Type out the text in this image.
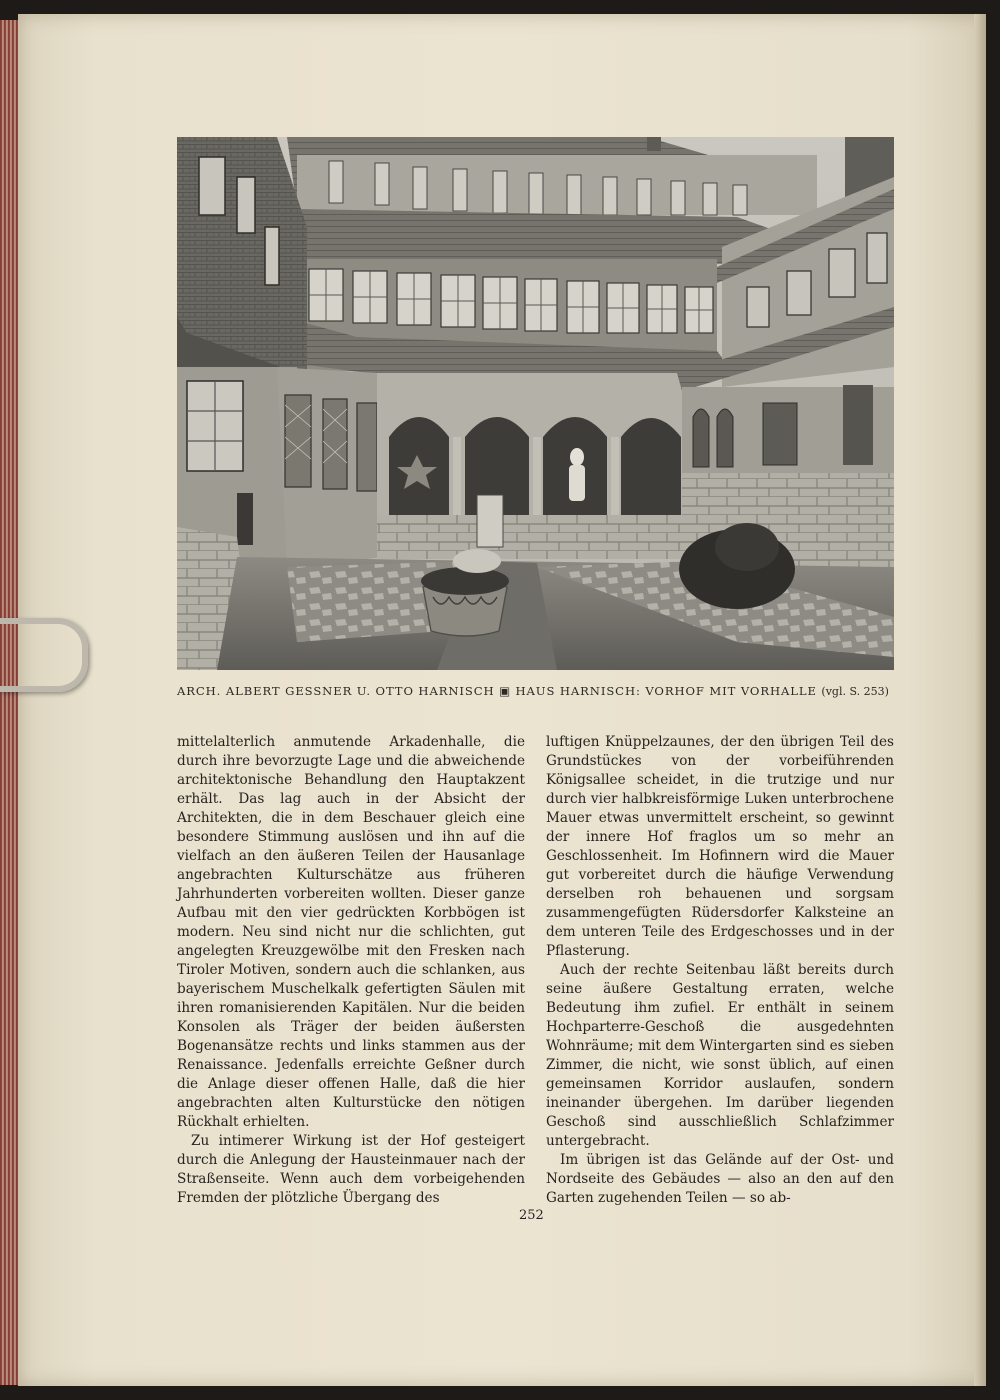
ARCH. ALBERT GESSNER U. OTTO HARNISCH ▣ HAUS HARNISCH: VORHOF MIT VORHALLE (vgl. S. 253)

mittelalterlich anmutende Arkadenhalle, die durch ihre bevorzugte Lage und die abweichende architektonische Behandlung den Hauptakzent erhält. Das lag auch in der Absicht der Architekten, die in dem Beschauer gleich eine besondere Stimmung auslösen und ihn auf die vielfach an den äußeren Teilen der Hausanlage angebrachten Kulturschätze aus früheren Jahrhunderten vorbereiten wollten. Dieser ganze Aufbau mit den vier gedrückten Korbbögen ist modern. Neu sind nicht nur die schlichten, gut angelegten Kreuzgewölbe mit den Fresken nach Tiroler Motiven, sondern auch die schlanken, aus bayerischem Muschelkalk gefertigten Säulen mit ihren romanisierenden Kapitälen. Nur die beiden Konsolen als Träger der beiden äußersten Bogenansätze rechts und links stammen aus der Renaissance. Jedenfalls erreichte Geßner durch die Anlage dieser offenen Halle, daß die hier angebrachten alten Kulturstücke den nötigen Rückhalt erhielten.

Zu intimerer Wirkung ist der Hof gesteigert durch die Anlegung der Hausteinmauer nach der Straßenseite. Wenn auch dem vorbeigehenden Fremden der plötzliche Übergang des

luftigen Knüppelzaunes, der den übrigen Teil des Grundstückes von der vorbeiführenden Königsallee scheidet, in die trutzige und nur durch vier halbkreisförmige Luken unterbrochene Mauer etwas unvermittelt erscheint, so gewinnt der innere Hof fraglos um so mehr an Geschlossenheit. Im Hofinnern wird die Mauer gut vorbereitet durch die häufige Verwendung derselben roh behauenen und sorgsam zusammengefügten Rüdersdorfer Kalksteine an dem unteren Teile des Erdgeschosses und in der Pflasterung.

Auch der rechte Seitenbau läßt bereits durch seine äußere Gestaltung erraten, welche Bedeutung ihm zufiel. Er enthält in seinem Hochparterre-Geschoß die ausgedehnten Wohnräume; mit dem Wintergarten sind es sieben Zimmer, die nicht, wie sonst üblich, auf einen gemeinsamen Korridor auslaufen, sondern ineinander übergehen. Im darüber liegenden Geschoß sind ausschließlich Schlafzimmer untergebracht.

Im übrigen ist das Gelände auf der Ost- und Nordseite des Gebäudes — also an den auf den Garten zugehenden Teilen — so ab-

252
